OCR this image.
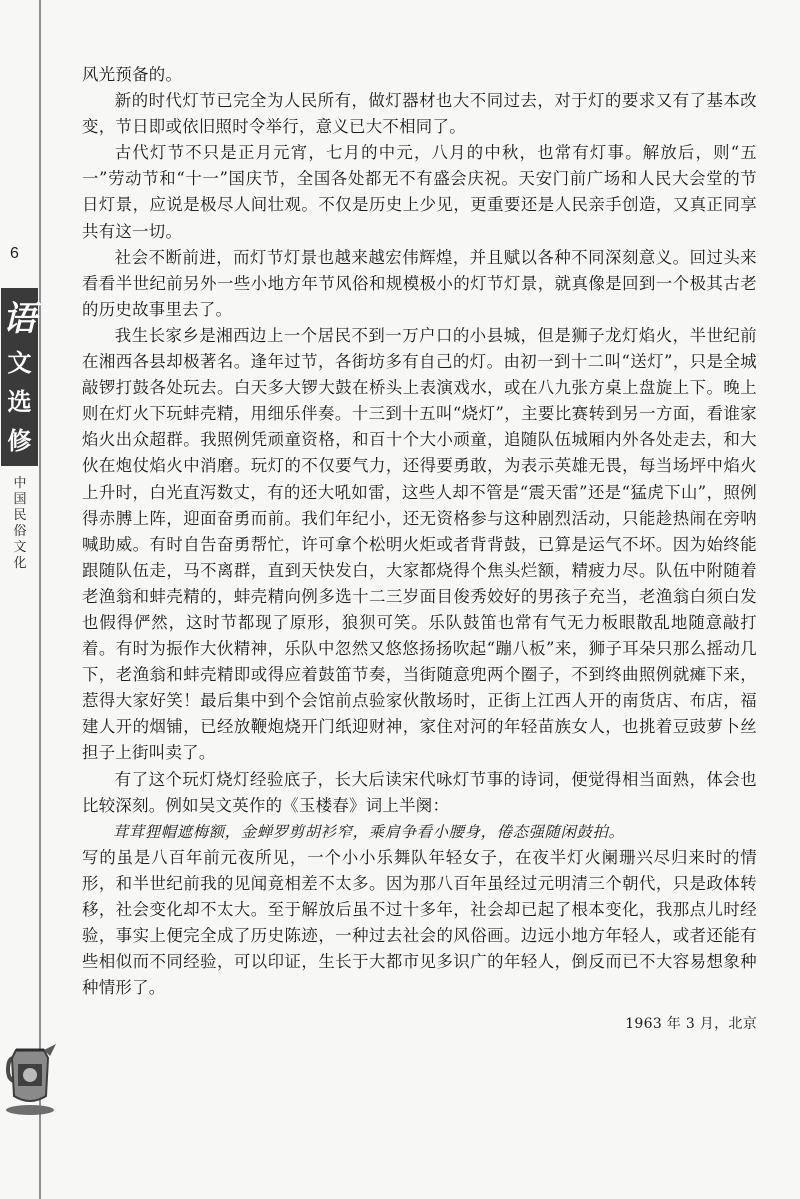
6
语
文
选
修
中国民俗文化

风光预备的。

新的时代灯节已完全为人民所有，做灯器材也大不同过去，对于灯的要求又有了基本改变，节日即或依旧照时令举行，意义已大不相同了。

古代灯节不只是正月元宵，七月的中元，八月的中秋，也常有灯事。解放后，则“五一”劳动节和“十一”国庆节，全国各处都无不有盛会庆祝。天安门前广场和人民大会堂的节日灯景，应说是极尽人间壮观。不仅是历史上少见，更重要还是人民亲手创造，又真正同享共有这一切。

社会不断前进，而灯节灯景也越来越宏伟辉煌，并且赋以各种不同深刻意义。回过头来看看半世纪前另外一些小地方年节风俗和规模极小的灯节灯景，就真像是回到一个极其古老的历史故事里去了。

我生长家乡是湘西边上一个居民不到一万户口的小县城，但是狮子龙灯焰火，半世纪前在湘西各县却极著名。逢年过节，各街坊多有自己的灯。由初一到十二叫“送灯”，只是全城敲锣打鼓各处玩去。白天多大锣大鼓在桥头上表演戏水，或在八九张方桌上盘旋上下。晚上则在灯火下玩蚌壳精，用细乐伴奏。十三到十五叫“烧灯”，主要比赛转到另一方面，看谁家焰火出众超群。我照例凭顽童资格，和百十个大小顽童，追随队伍城厢内外各处走去，和大伙在炮仗焰火中消磨。玩灯的不仅要气力，还得要勇敢，为表示英雄无畏，每当场坪中焰火上升时，白光直泻数丈，有的还大吼如雷，这些人却不管是“震天雷”还是“猛虎下山”，照例得赤膊上阵，迎面奋勇而前。我们年纪小，还无资格参与这种剧烈活动，只能趁热闹在旁呐喊助威。有时自告奋勇帮忙，许可拿个松明火炬或者背背鼓，已算是运气不坏。因为始终能跟随队伍走，马不离群，直到天快发白，大家都烧得个焦头烂额，精疲力尽。队伍中附随着老渔翁和蚌壳精的，蚌壳精向例多选十二三岁面目俊秀姣好的男孩子充当，老渔翁白须白发也假得俨然，这时节都现了原形，狼狈可笑。乐队鼓笛也常有气无力板眼散乱地随意敲打着。有时为振作大伙精神，乐队中忽然又悠悠扬扬吹起“蹦八板”来，狮子耳朵只那么摇动几下，老渔翁和蚌壳精即或得应着鼓笛节奏，当街随意兜两个圈子，不到终曲照例就瘫下来，惹得大家好笑！最后集中到个会馆前点验家伙散场时，正街上江西人开的南货店、布店，福建人开的烟铺，已经放鞭炮烧开门纸迎财神，家住对河的年轻苗族女人，也挑着豆豉萝卜丝担子上街叫卖了。

有了这个玩灯烧灯经验底子，长大后读宋代咏灯节事的诗词，便觉得相当面熟，体会也比较深刻。例如吴文英作的《玉楼春》词上半阕：

茸茸狸帽遮梅额，金蝉罗剪胡衫窄，乘肩争看小腰身，倦态强随闲鼓拍。

写的虽是八百年前元夜所见，一个小小乐舞队年轻女子，在夜半灯火阑珊兴尽归来时的情形，和半世纪前我的见闻竟相差不太多。因为那八百年虽经过元明清三个朝代，只是政体转移，社会变化却不太大。至于解放后虽不过十多年，社会却已起了根本变化，我那点儿时经验，事实上便完全成了历史陈迹，一种过去社会的风俗画。边远小地方年轻人，或者还能有些相似而不同经验，可以印证，生长于大都市见多识广的年轻人，倒反而已不大容易想象种种情形了。

1963 年 3 月，北京
